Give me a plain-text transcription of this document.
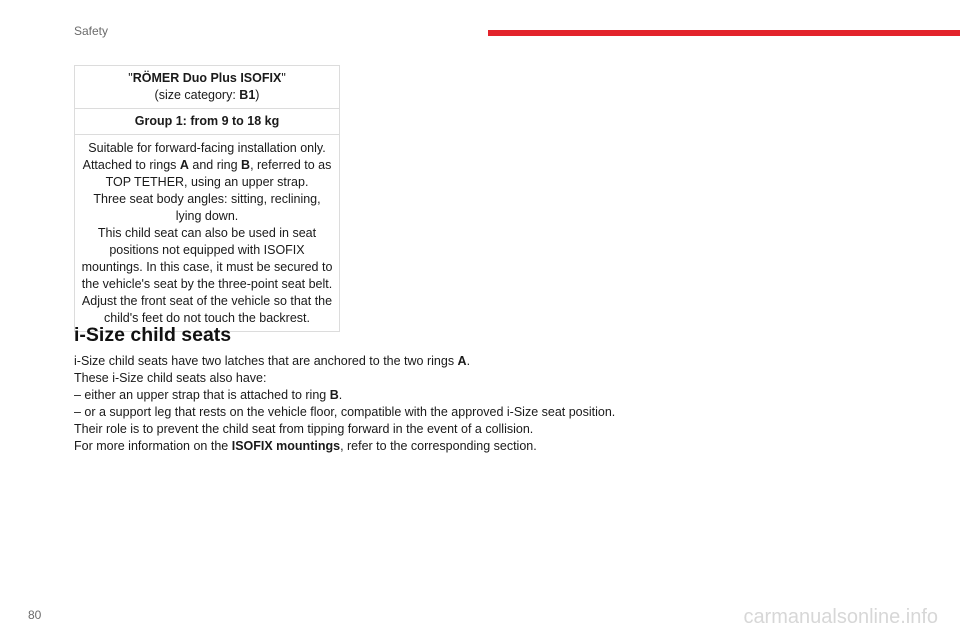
Safety
"RÖMER Duo Plus ISOFIX"
(size category: B1)
Group 1: from 9 to 18 kg
Suitable for forward-facing installation only.
Attached to rings A and ring B, referred to as
TOP TETHER, using an upper strap.
Three seat body angles: sitting, reclining,
lying down.
This child seat can also be used in seat
positions not equipped with ISOFIX
mountings. In this case, it must be secured to
the vehicle's seat by the three-point seat belt.
Adjust the front seat of the vehicle so that the
child's feet do not touch the backrest.
i-Size child seats
i-Size child seats have two latches that are anchored to the two rings A.
These i-Size child seats also have:
– either an upper strap that is attached to ring B.
– or a support leg that rests on the vehicle floor, compatible with the approved i-Size seat position.
Their role is to prevent the child seat from tipping forward in the event of a collision.
For more information on the ISOFIX mountings, refer to the corresponding section.
80	carmanualsonline.info
